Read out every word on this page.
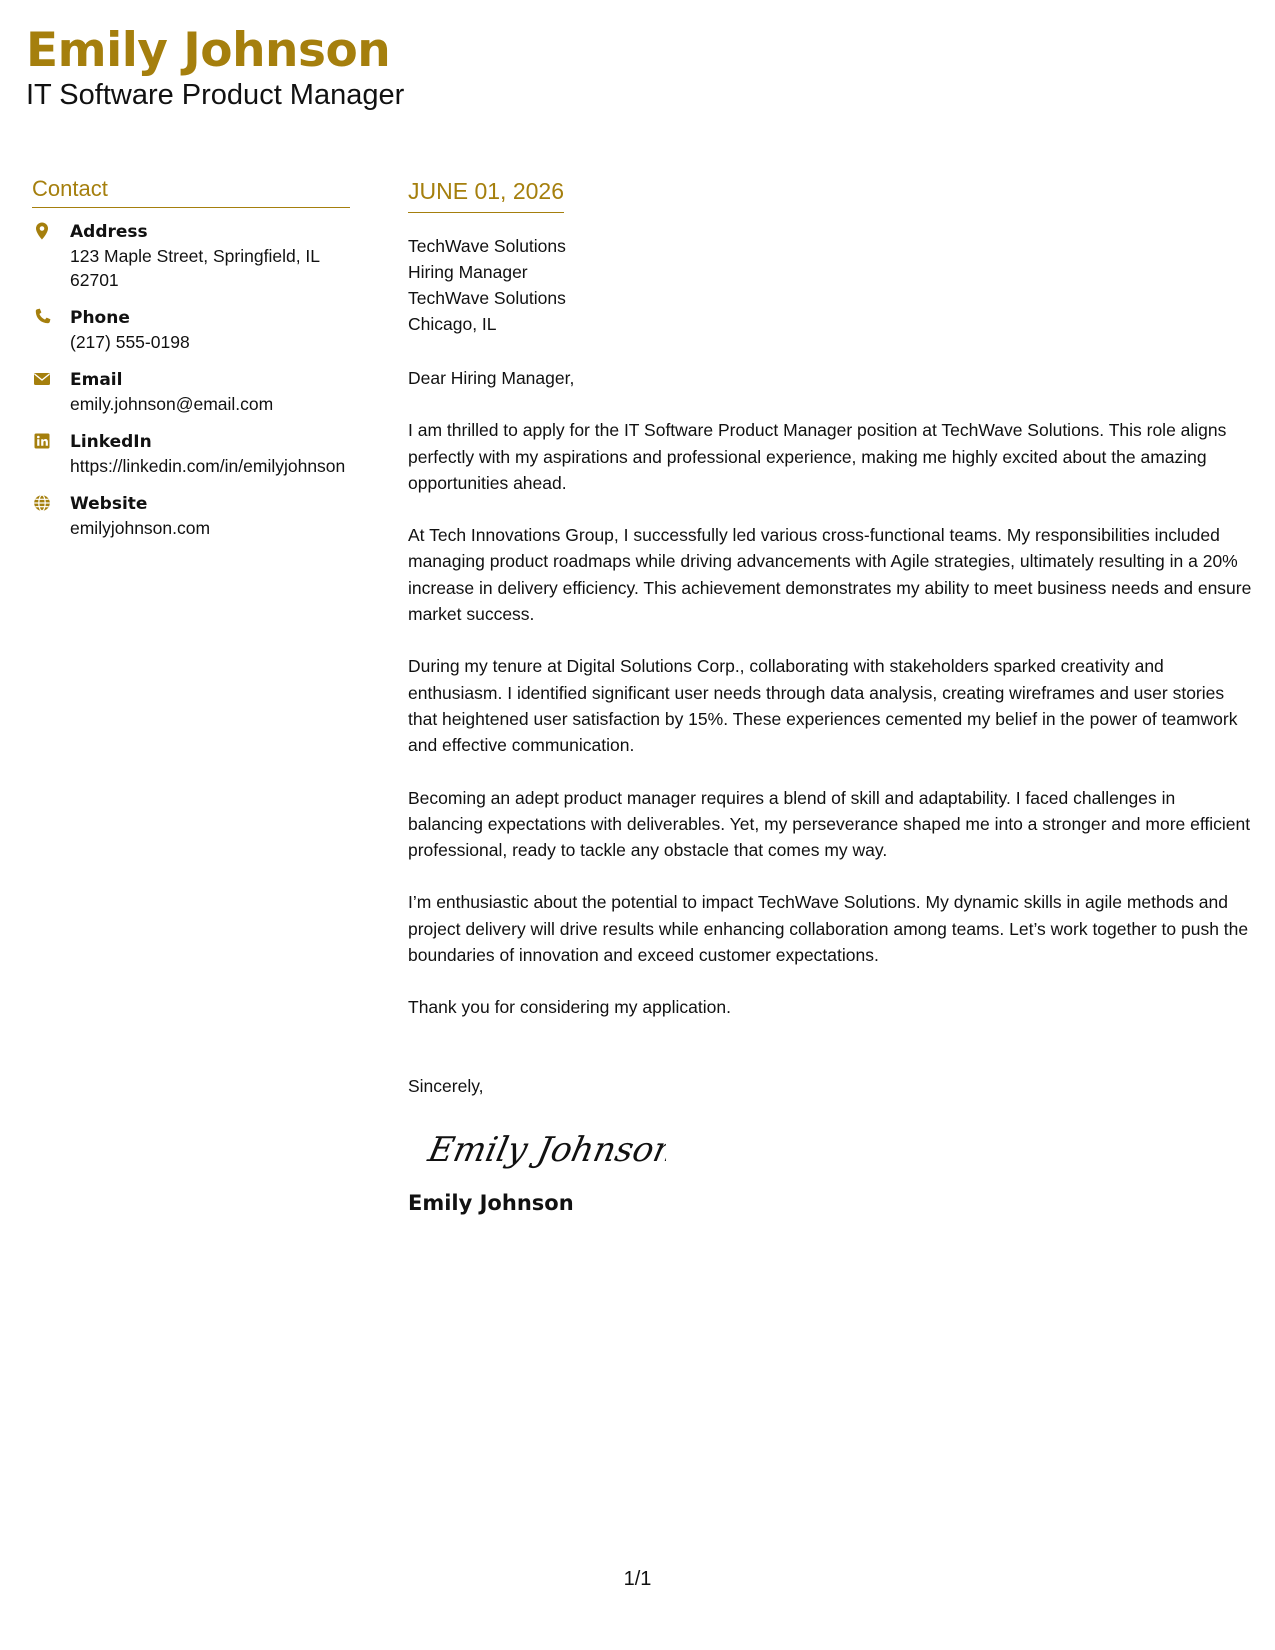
Emily Johnson
IT Software Product Manager
Contact
Address
123 Maple Street, Springfield, IL 62701
Phone
(217) 555-0198
Email
emily.johnson@email.com
LinkedIn
https://linkedin.com/in/emilyjohnson
Website
emilyjohnson.com
JUNE 01, 2026
TechWave Solutions
Hiring Manager
TechWave Solutions
Chicago, IL

Dear Hiring Manager,

I am thrilled to apply for the IT Software Product Manager position at TechWave Solutions. This role aligns perfectly with my aspirations and professional experience, making me highly excited about the amazing opportunities ahead.

At Tech Innovations Group, I successfully led various cross-functional teams. My responsibilities included managing product roadmaps while driving advancements with Agile strategies, ultimately resulting in a 20% increase in delivery efficiency. This achievement demonstrates my ability to meet business needs and ensure market success.

During my tenure at Digital Solutions Corp., collaborating with stakeholders sparked creativity and enthusiasm. I identified significant user needs through data analysis, creating wireframes and user stories that heightened user satisfaction by 15%. These experiences cemented my belief in the power of teamwork and effective communication.

Becoming an adept product manager requires a blend of skill and adaptability. I faced challenges in balancing expectations with deliverables. Yet, my perseverance shaped me into a stronger and more efficient professional, ready to tackle any obstacle that comes my way.

I’m enthusiastic about the potential to impact TechWave Solutions. My dynamic skills in agile methods and project delivery will drive results while enhancing collaboration among teams. Let’s work together to push the boundaries of innovation and exceed customer expectations.

Thank you for considering my application.

Sincerely,
Emily Johnson
Emily Johnson
1/1
